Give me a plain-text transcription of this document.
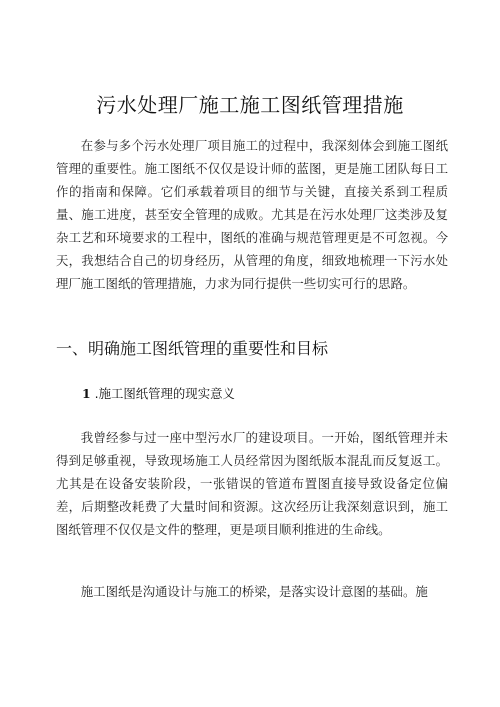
污水处理厂施工施工图纸管理措施

在参与多个污水处理厂项目施工的过程中，我深刻体会到施工图纸管理的重要性。施工图纸不仅仅是设计师的蓝图，更是施工团队每日工作的指南和保障。它们承载着项目的细节与关键，直接关系到工程质量、施工进度，甚至安全管理的成败。尤其是在污水处理厂这类涉及复杂工艺和环境要求的工程中，图纸的准确与规范管理更是不可忽视。今天，我想结合自己的切身经历，从管理的角度，细致地梳理一下污水处理厂施工图纸的管理措施，力求为同行提供一些切实可行的思路。

一、明确施工图纸管理的重要性和目标
1 .施工图纸管理的现实意义

我曾经参与过一座中型污水厂的建设项目。一开始，图纸管理并未得到足够重视，导致现场施工人员经常因为图纸版本混乱而反复返工。尤其是在设备安装阶段，一张错误的管道布置图直接导致设备定位偏差，后期整改耗费了大量时间和资源。这次经历让我深刻意识到，施工图纸管理不仅仅是文件的整理，更是项目顺利推进的生命线。

施工图纸是沟通设计与施工的桥梁，是落实设计意图的基础。施
